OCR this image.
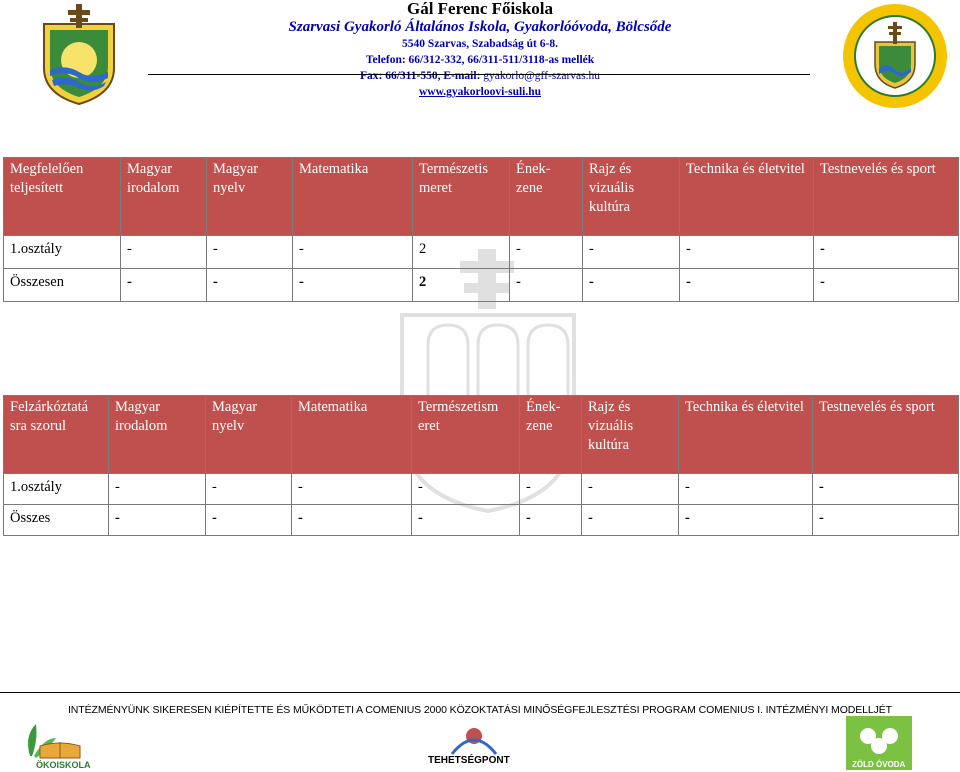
Gál Ferenc Főiskola
Szarvasi Gyakorló Általános Iskola, Gyakorlóóvoda, Bölcsőde
5540 Szarvas, Szabadság út 6-8.
Telefon: 66/312-332, 66/311-511/3118-as mellék
Fax: 66/311-550, E-mail: gyakorlo@gff-szarvas.hu
www.gyakorloovi-suli.hu
Megfelelően teljesített	Magyar irodalom	Magyar nyelv	Matematika	Természetis meret	Ének-zene	Rajz és vizuális kultúra	Technika és életvitel	Testnevelés és sport
1.osztály	-	-	-	2	-	-	-	-
Összesen	-	-	-	2	-	-	-	-
Felzárkóztatá sra szorul	Magyar irodalom	Magyar nyelv	Matematika	Természetism eret	Ének-zene	Rajz és vizuális kultúra	Technika és életvitel	Testnevelés és sport
1.osztály	-	-	-	-	-	-	-	-
Összes	-	-	-	-	-	-	-	-
INTÉZMÉNYÜNK SIKERESEN KIÉPÍTETTE ÉS MŰKÖDTETI A COMENIUS 2000 KÖZOKTATÁSI MINŐSÉGFEJLESZTÉSI PROGRAM COMENIUS I. INTÉZMÉNYI MODELLJÉT
ÖKOISKOLA	TEHETSÉGPONT	ZÖLD ÓVODA
